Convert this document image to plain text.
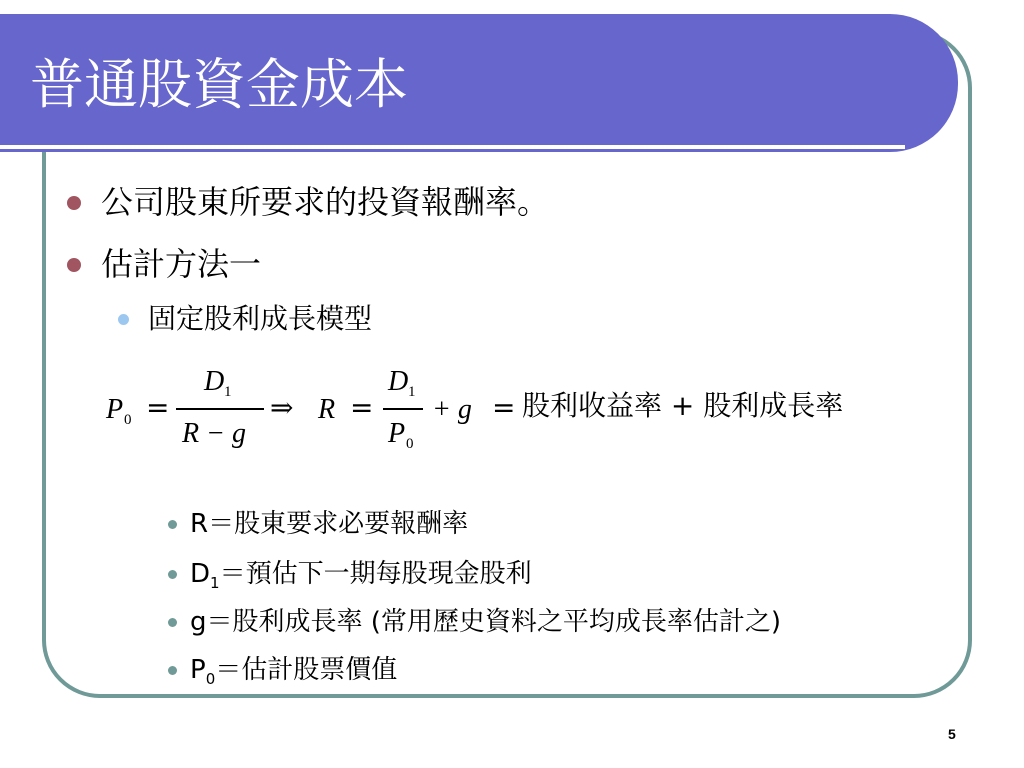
普通股資金成本
公司股東所要求的投資報酬率。
估計方法一
固定股利成長模型
P 0 =
D 1
R − g
⇒ R =
D 1
P 0
+ g = 股利收益率 + 股利成長率
R＝股東要求必要報酬率
$D_1=$預估下一期每股現金股利
g＝股利成長率 (常用歷史資料之平均成長率估計之)
$P_0=$估計股票價值
5
